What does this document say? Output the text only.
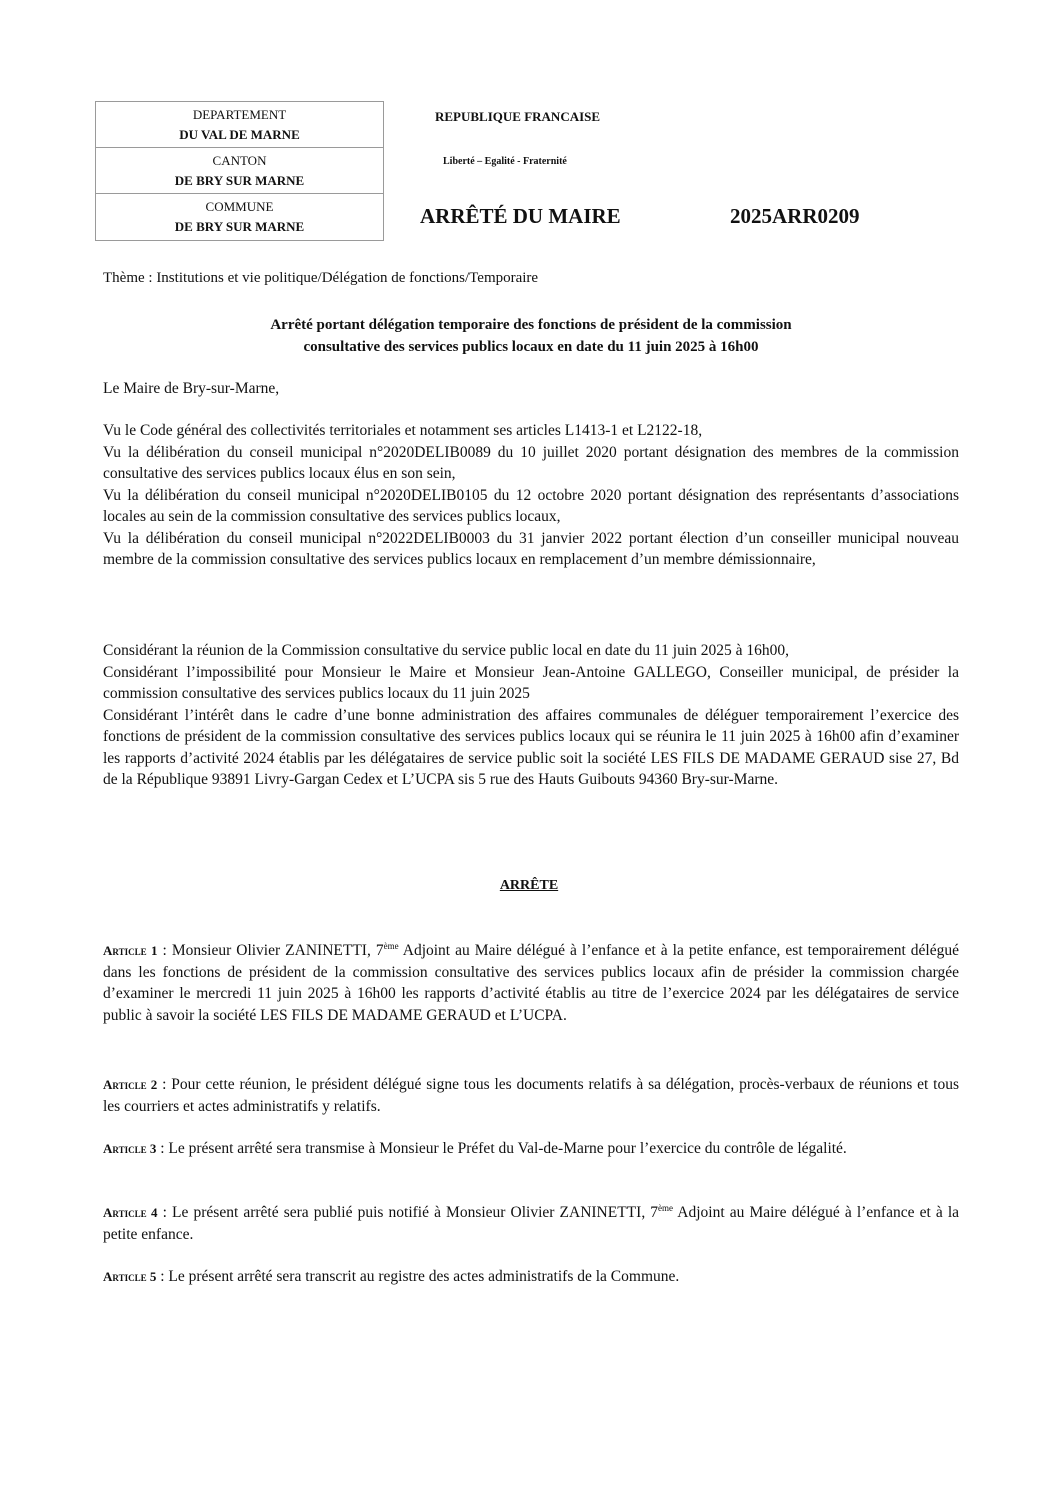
DEPARTEMENT
DU VAL DE MARNE
CANTON
DE BRY SUR MARNE
COMMUNE
DE BRY SUR MARNE
REPUBLIQUE FRANCAISE
Liberté – Egalité - Fraternité
ARRÊTÉ DU MAIRE	2025ARR0209
Thème : Institutions et vie politique/Délégation de fonctions/Temporaire
Arrêté portant délégation temporaire des fonctions de président de la commission
consultative des services publics locaux en date du 11 juin 2025 à 16h00
Le Maire de Bry-sur-Marne,

Vu le Code général des collectivités territoriales et notamment ses articles L1413-1 et L2122-18,

Vu la délibération du conseil municipal n°2020DELIB0089 du 10 juillet 2020 portant désignation des membres de la commission consultative des services publics locaux élus en son sein,

Vu la délibération du conseil municipal n°2020DELIB0105 du 12 octobre 2020 portant désignation des représentants d’associations locales au sein de la commission consultative des services publics locaux,

Vu la délibération du conseil municipal n°2022DELIB0003 du 31 janvier 2022 portant élection d’un conseiller municipal nouveau membre de la commission consultative des services publics locaux en remplacement d’un membre démissionnaire,

Considérant la réunion de la Commission consultative du service public local en date du 11 juin 2025 à 16h00,

Considérant l’impossibilité pour Monsieur le Maire et Monsieur Jean-Antoine GALLEGO, Conseiller municipal, de présider la commission consultative des services publics locaux du 11 juin 2025

Considérant l’intérêt dans le cadre d’une bonne administration des affaires communales de déléguer temporairement l’exercice des fonctions de président de la commission consultative des services publics locaux qui se réunira le 11 juin 2025 à 16h00 afin d’examiner les rapports d’activité 2024 établis par les délégataires de service public soit la société LES FILS DE MADAME GERAUD sise 27, Bd de la République 93891 Livry-Gargan Cedex et L’UCPA sis 5 rue des Hauts Guibouts 94360 Bry-sur-Marne.

ARRÊTE
Article 1 : Monsieur Olivier ZANINETTI, 7ème Adjoint au Maire délégué à l’enfance et à la petite enfance, est temporairement délégué dans les fonctions de président de la commission consultative des services publics locaux afin de présider la commission chargée d’examiner le mercredi 11 juin 2025 à 16h00 les rapports d’activité établis au titre de l’exercice 2024 par les délégataires de service public à savoir la société LES FILS DE MADAME GERAUD et L’UCPA.
Article 2 : Pour cette réunion, le président délégué signe tous les documents relatifs à sa délégation, procès-verbaux de réunions et tous les courriers et actes administratifs y relatifs.
Article 3 : Le présent arrêté sera transmise à Monsieur le Préfet du Val-de-Marne pour l’exercice du contrôle de légalité.
Article 4 : Le présent arrêté sera publié puis notifié à Monsieur Olivier ZANINETTI, 7ème Adjoint au Maire délégué à l’enfance et à la petite enfance.
Article 5 : Le présent arrêté sera transcrit au registre des actes administratifs de la Commune.
